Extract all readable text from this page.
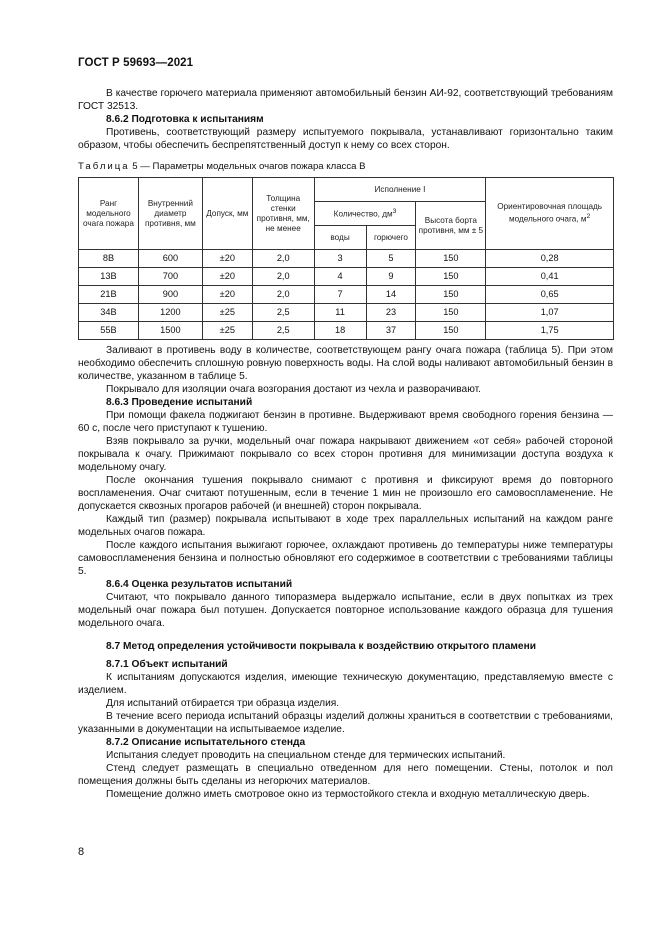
ГОСТ Р 59693—2021

В качестве горючего материала применяют автомобильный бензин АИ-92, соответствующий требованиям ГОСТ 32513.

8.6.2 Подготовка к испытаниям

Противень, соответствующий размеру испытуемого покрывала, устанавливают горизонтально таким образом, чтобы обеспечить беспрепятственный доступ к нему со всех сторон.

Таблица 5 — Параметры модельных очагов пожара класса В
Ранг модельного очага пожара	Внутренний диаметр противня, мм	Допуск, мм	Толщина стенки противня, мм, не менее	Исполнение I			Ориентировочная площадь модельного очага, $м^2$
				Количество, $дм^3$		Высота борта противня, мм ± 5	
				воды	горючего		
8В	600	±20	2,0	3	5	150	0,28
13В	700	±20	2,0	4	9	150	0,41
21В	900	±20	2,0	7	14	150	0,65
34В	1200	±25	2,5	11	23	150	1,07
55В	1500	±25	2,5	18	37	150	1,75

Заливают в противень воду в количестве, соответствующем рангу очага пожара (таблица 5). При этом необходимо обеспечить сплошную ровную поверхность воды. На слой воды наливают автомобильный бензин в количестве, указанном в таблице 5.

Покрывало для изоляции очага возгорания достают из чехла и разворачивают.

8.6.3 Проведение испытаний

При помощи факела поджигают бензин в противне. Выдерживают время свободного горения бензина — 60 с, после чего приступают к тушению.

Взяв покрывало за ручки, модельный очаг пожара накрывают движением «от себя» рабочей стороной покрывала к очагу. Прижимают покрывало со всех сторон противня для минимизации доступа воздуха к модельному очагу.

После окончания тушения покрывало снимают с противня и фиксируют время до повторного воспламенения. Очаг считают потушенным, если в течение 1 мин не произошло его самовоспламенение. Не допускается сквозных прогаров рабочей (и внешней) сторон покрывала.

Каждый тип (размер) покрывала испытывают в ходе трех параллельных испытаний на каждом ранге модельных очагов пожара.

После каждого испытания выжигают горючее, охлаждают противень до температуры ниже температуры самовоспламенения бензина и полностью обновляют его содержимое в соответствии с требованиями таблицы 5.

8.6.4 Оценка результатов испытаний

Считают, что покрывало данного типоразмера выдержало испытание, если в двух попытках из трех модельный очаг пожара был потушен. Допускается повторное использование каждого образца для тушения модельного очага.

8.7 Метод определения устойчивости покрывала к воздействию открытого пламени
8.7.1 Объект испытаний

К испытаниям допускаются изделия, имеющие техническую документацию, представляемую вместе с изделием.

Для испытаний отбирается три образца изделия.

В течение всего периода испытаний образцы изделий должны храниться в соответствии с требованиями, указанными в документации на испытываемое изделие.

8.7.2 Описание испытательного стенда

Испытания следует проводить на специальном стенде для термических испытаний.

Стенд следует размещать в специально отведенном для него помещении. Стены, потолок и пол помещения должны быть сделаны из негорючих материалов.

Помещение должно иметь смотровое окно из термостойкого стекла и входную металлическую дверь.

8
